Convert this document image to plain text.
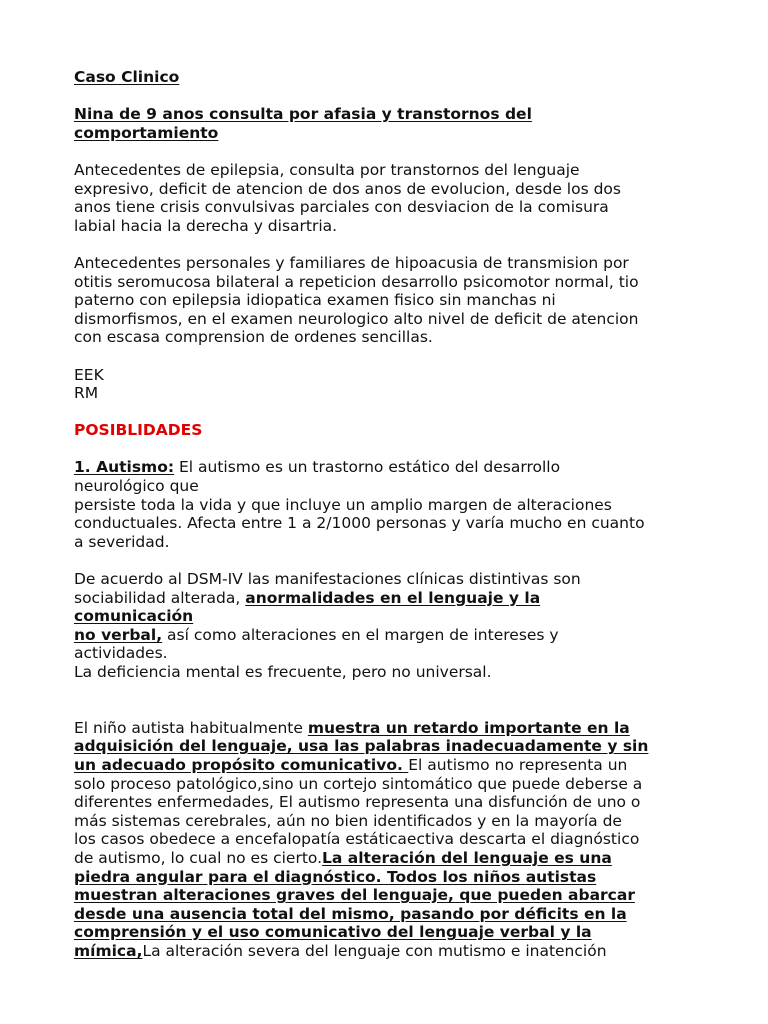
Caso Clinico

Nina de 9 anos consulta por afasia y transtornos del
comportamiento

Antecedentes de epilepsia, consulta por transtornos del lenguaje
expresivo, deficit de atencion de dos anos de evolucion, desde los dos
anos tiene crisis convulsivas parciales con desviacion de la comisura
labial hacia la derecha y disartria.

Antecedentes personales y familiares de hipoacusia de transmision por
otitis seromucosa bilateral a repeticion desarrollo psicomotor normal, tio
paterno con epilepsia idiopatica examen fisico sin manchas ni
dismorfismos, en el examen neurologico alto nivel de deficit de atencion
con escasa comprension de ordenes sencillas.

EEK
RM

POSIBLIDADES

1. Autismo: El autismo es un trastorno estático del desarrollo
neurológico que
persiste toda la vida y que incluye un amplio margen de alteraciones
conductuales. Afecta entre 1 a 2/1000 personas y varía mucho en cuanto
a severidad.

De acuerdo al DSM-IV las manifestaciones clínicas distintivas son
sociabilidad alterada, anormalidades en el lenguaje y la
comunicación
no verbal, así como alteraciones en el margen de intereses y
actividades.
La deficiencia mental es frecuente, pero no universal.

El niño autista habitualmente muestra un retardo importante en la
adquisición del lenguaje, usa las palabras inadecuadamente y sin
un adecuado propósito comunicativo. El autismo no representa un
solo proceso patológico,sino un cortejo sintomático que puede deberse a
diferentes enfermedades, El autismo representa una disfunción de uno o
más sistemas cerebrales, aún no bien identificados y en la mayoría de
los casos obedece a encefalopatía estáticaectiva descarta el diagnóstico
de autismo, lo cual no es cierto.La alteración del lenguaje es una
piedra angular para el diagnóstico. Todos los niños autistas
muestran alteraciones graves del lenguaje, que pueden abarcar
desde una ausencia total del mismo, pasando por déficits en la
comprensión y el uso comunicativo del lenguaje verbal y la
mímica,La alteración severa del lenguaje con mutismo e inatención
